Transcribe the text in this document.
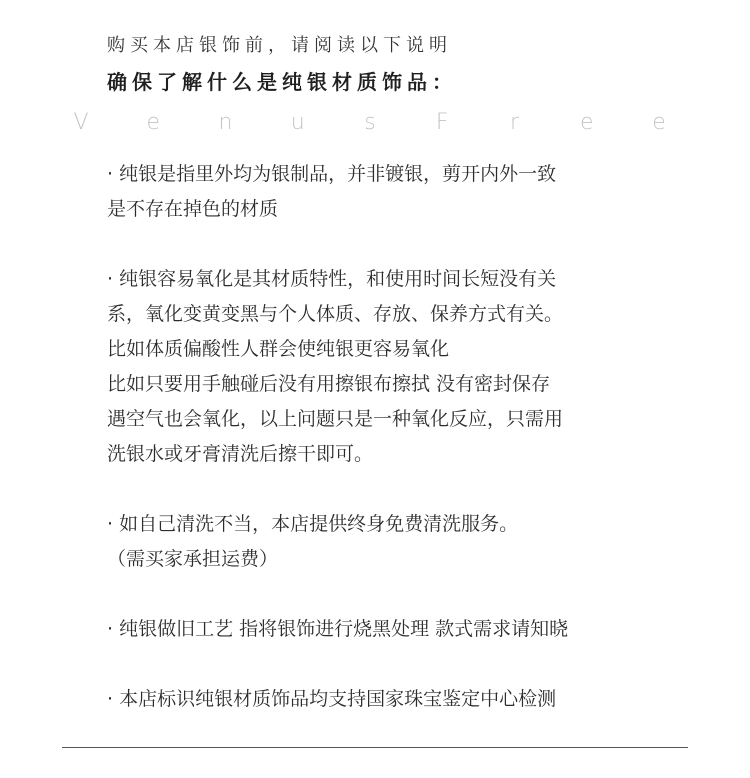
购买本店银饰前，请阅读以下说明
确保了解什么是纯银材质饰品：
V	e	n	u	s	F	r	e	e
· 纯银是指里外均为银制品，并非镀银，剪开内外一致
是不存在掉色的材质
· 纯银容易氧化是其材质特性，和使用时间长短没有关
系，氧化变黄变黑与个人体质、存放、保养方式有关。
比如体质偏酸性人群会使纯银更容易氧化
比如只要用手触碰后没有用擦银布擦拭 没有密封保存
遇空气也会氧化，以上问题只是一种氧化反应，只需用
洗银水或牙膏清洗后擦干即可。
· 如自己清洗不当，本店提供终身免费清洗服务。
（需买家承担运费）
· 纯银做旧工艺 指将银饰进行烧黑处理 款式需求请知晓
· 本店标识纯银材质饰品均支持国家珠宝鉴定中心检测
